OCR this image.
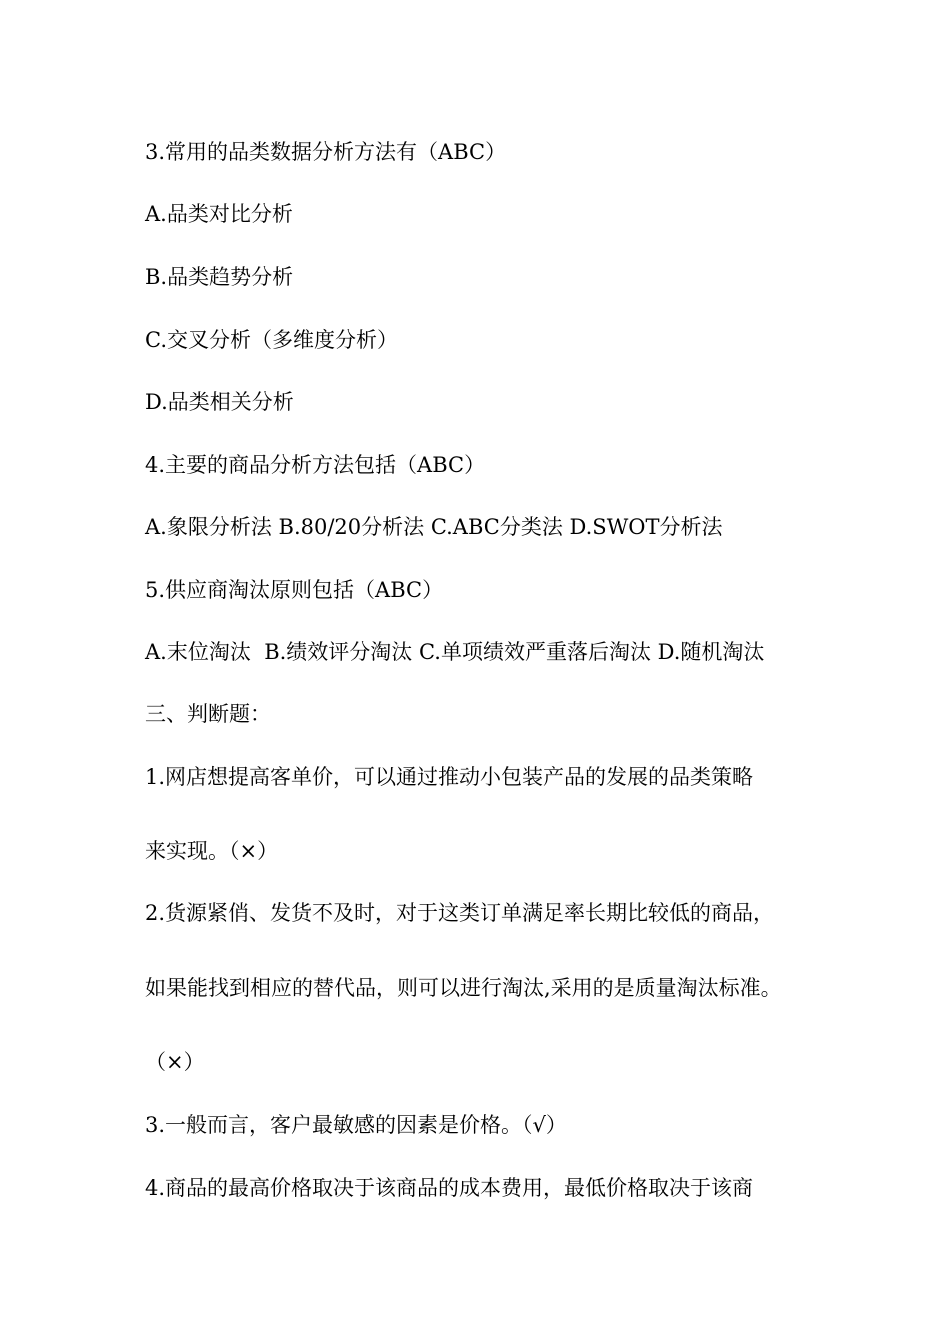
3.常用的品类数据分析方法有（ABC）
A.品类对比分析
B.品类趋势分析
C.交叉分析（多维度分析）
D.品类相关分析
4.主要的商品分析方法包括（ABC）
A.象限分析法 B.80/20分析法 C.ABC分类法 D.SWOT分析法
5.供应商淘汰原则包括（ABC）
A.末位淘汰  B.绩效评分淘汰 C.单项绩效严重落后淘汰 D.随机淘汰
三、判断题：
1.网店想提高客单价，可以通过推动小包装产品的发展的品类策略
来实现。（×）
2.货源紧俏、发货不及时，对于这类订单满足率长期比较低的商品，
如果能找到相应的替代品，则可以进行淘汰,采用的是质量淘汰标准。
（×）
3.一般而言，客户最敏感的因素是价格。（√）
4.商品的最高价格取决于该商品的成本费用，最低价格取决于该商
